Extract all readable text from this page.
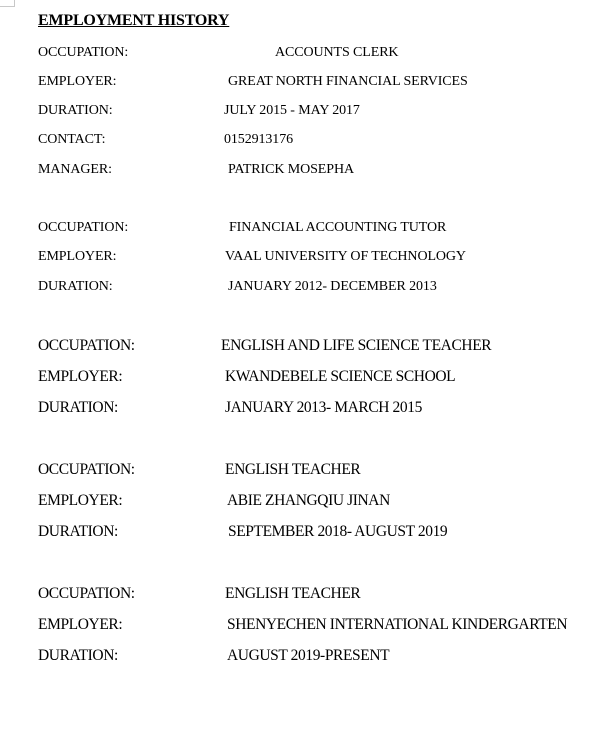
EMPLOYMENT HISTORY
OCCUPATION:	ACCOUNTS CLERK
EMPLOYER:	GREAT NORTH FINANCIAL SERVICES
DURATION:	JULY 2015 - MAY 2017
CONTACT:	0152913176
MANAGER:	PATRICK MOSEPHA
OCCUPATION:	FINANCIAL ACCOUNTING TUTOR
EMPLOYER:	VAAL UNIVERSITY OF TECHNOLOGY
DURATION:	JANUARY 2012- DECEMBER 2013
OCCUPATION:	ENGLISH AND LIFE SCIENCE TEACHER
EMPLOYER:	KWANDEBELE SCIENCE SCHOOL
DURATION:	JANUARY 2013- MARCH 2015
OCCUPATION:	ENGLISH TEACHER
EMPLOYER:	ABIE ZHANGQIU JINAN
DURATION:	SEPTEMBER 2018- AUGUST 2019
OCCUPATION:	ENGLISH TEACHER
EMPLOYER:	SHENYECHEN INTERNATIONAL KINDERGARTEN
DURATION:	AUGUST 2019-PRESENT
